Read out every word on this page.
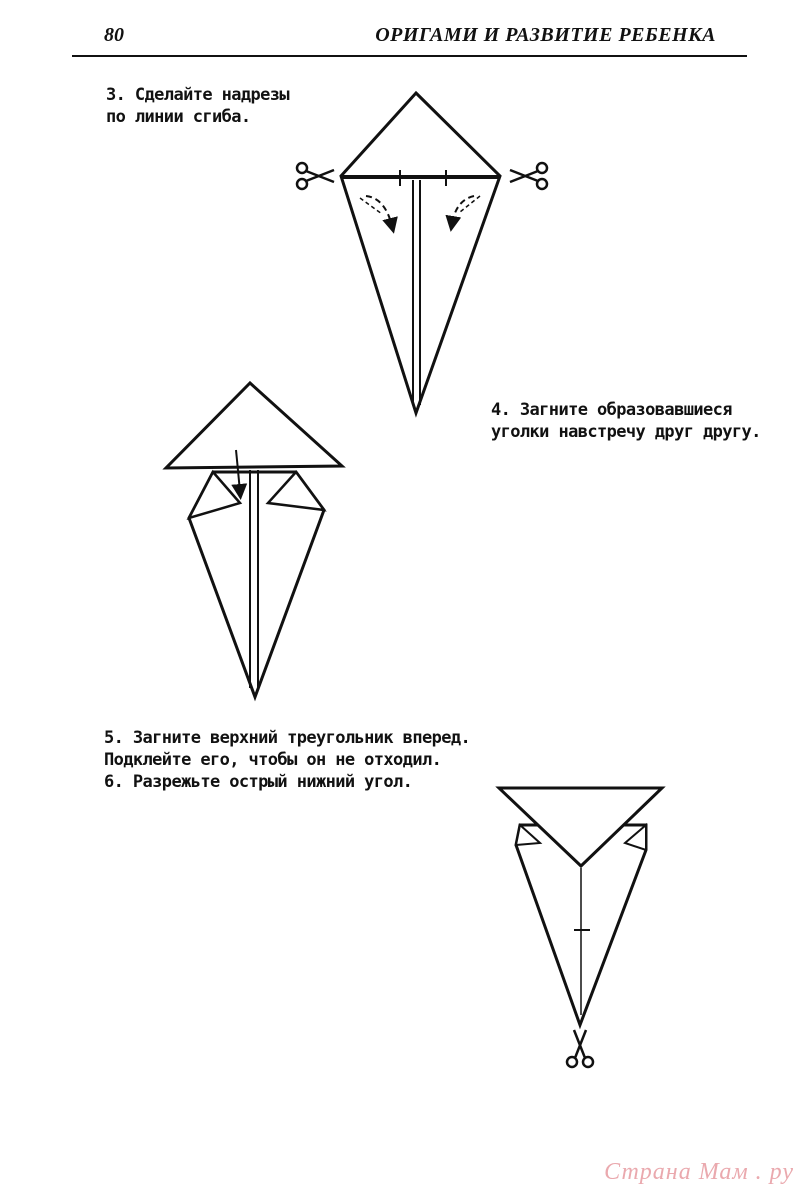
80	ОРИГАМИ И РАЗВИТИЕ РЕБЕНКА
3. Сделайте надрезы
по линии сгиба.
4. Загните образовавшиеся
уголки навстречу друг другу.
5. Загните верхний треугольник вперед.
Подклейте его, чтобы он не отходил.
6. Разрежьте острый нижний угол.
Страна Мам . ру
